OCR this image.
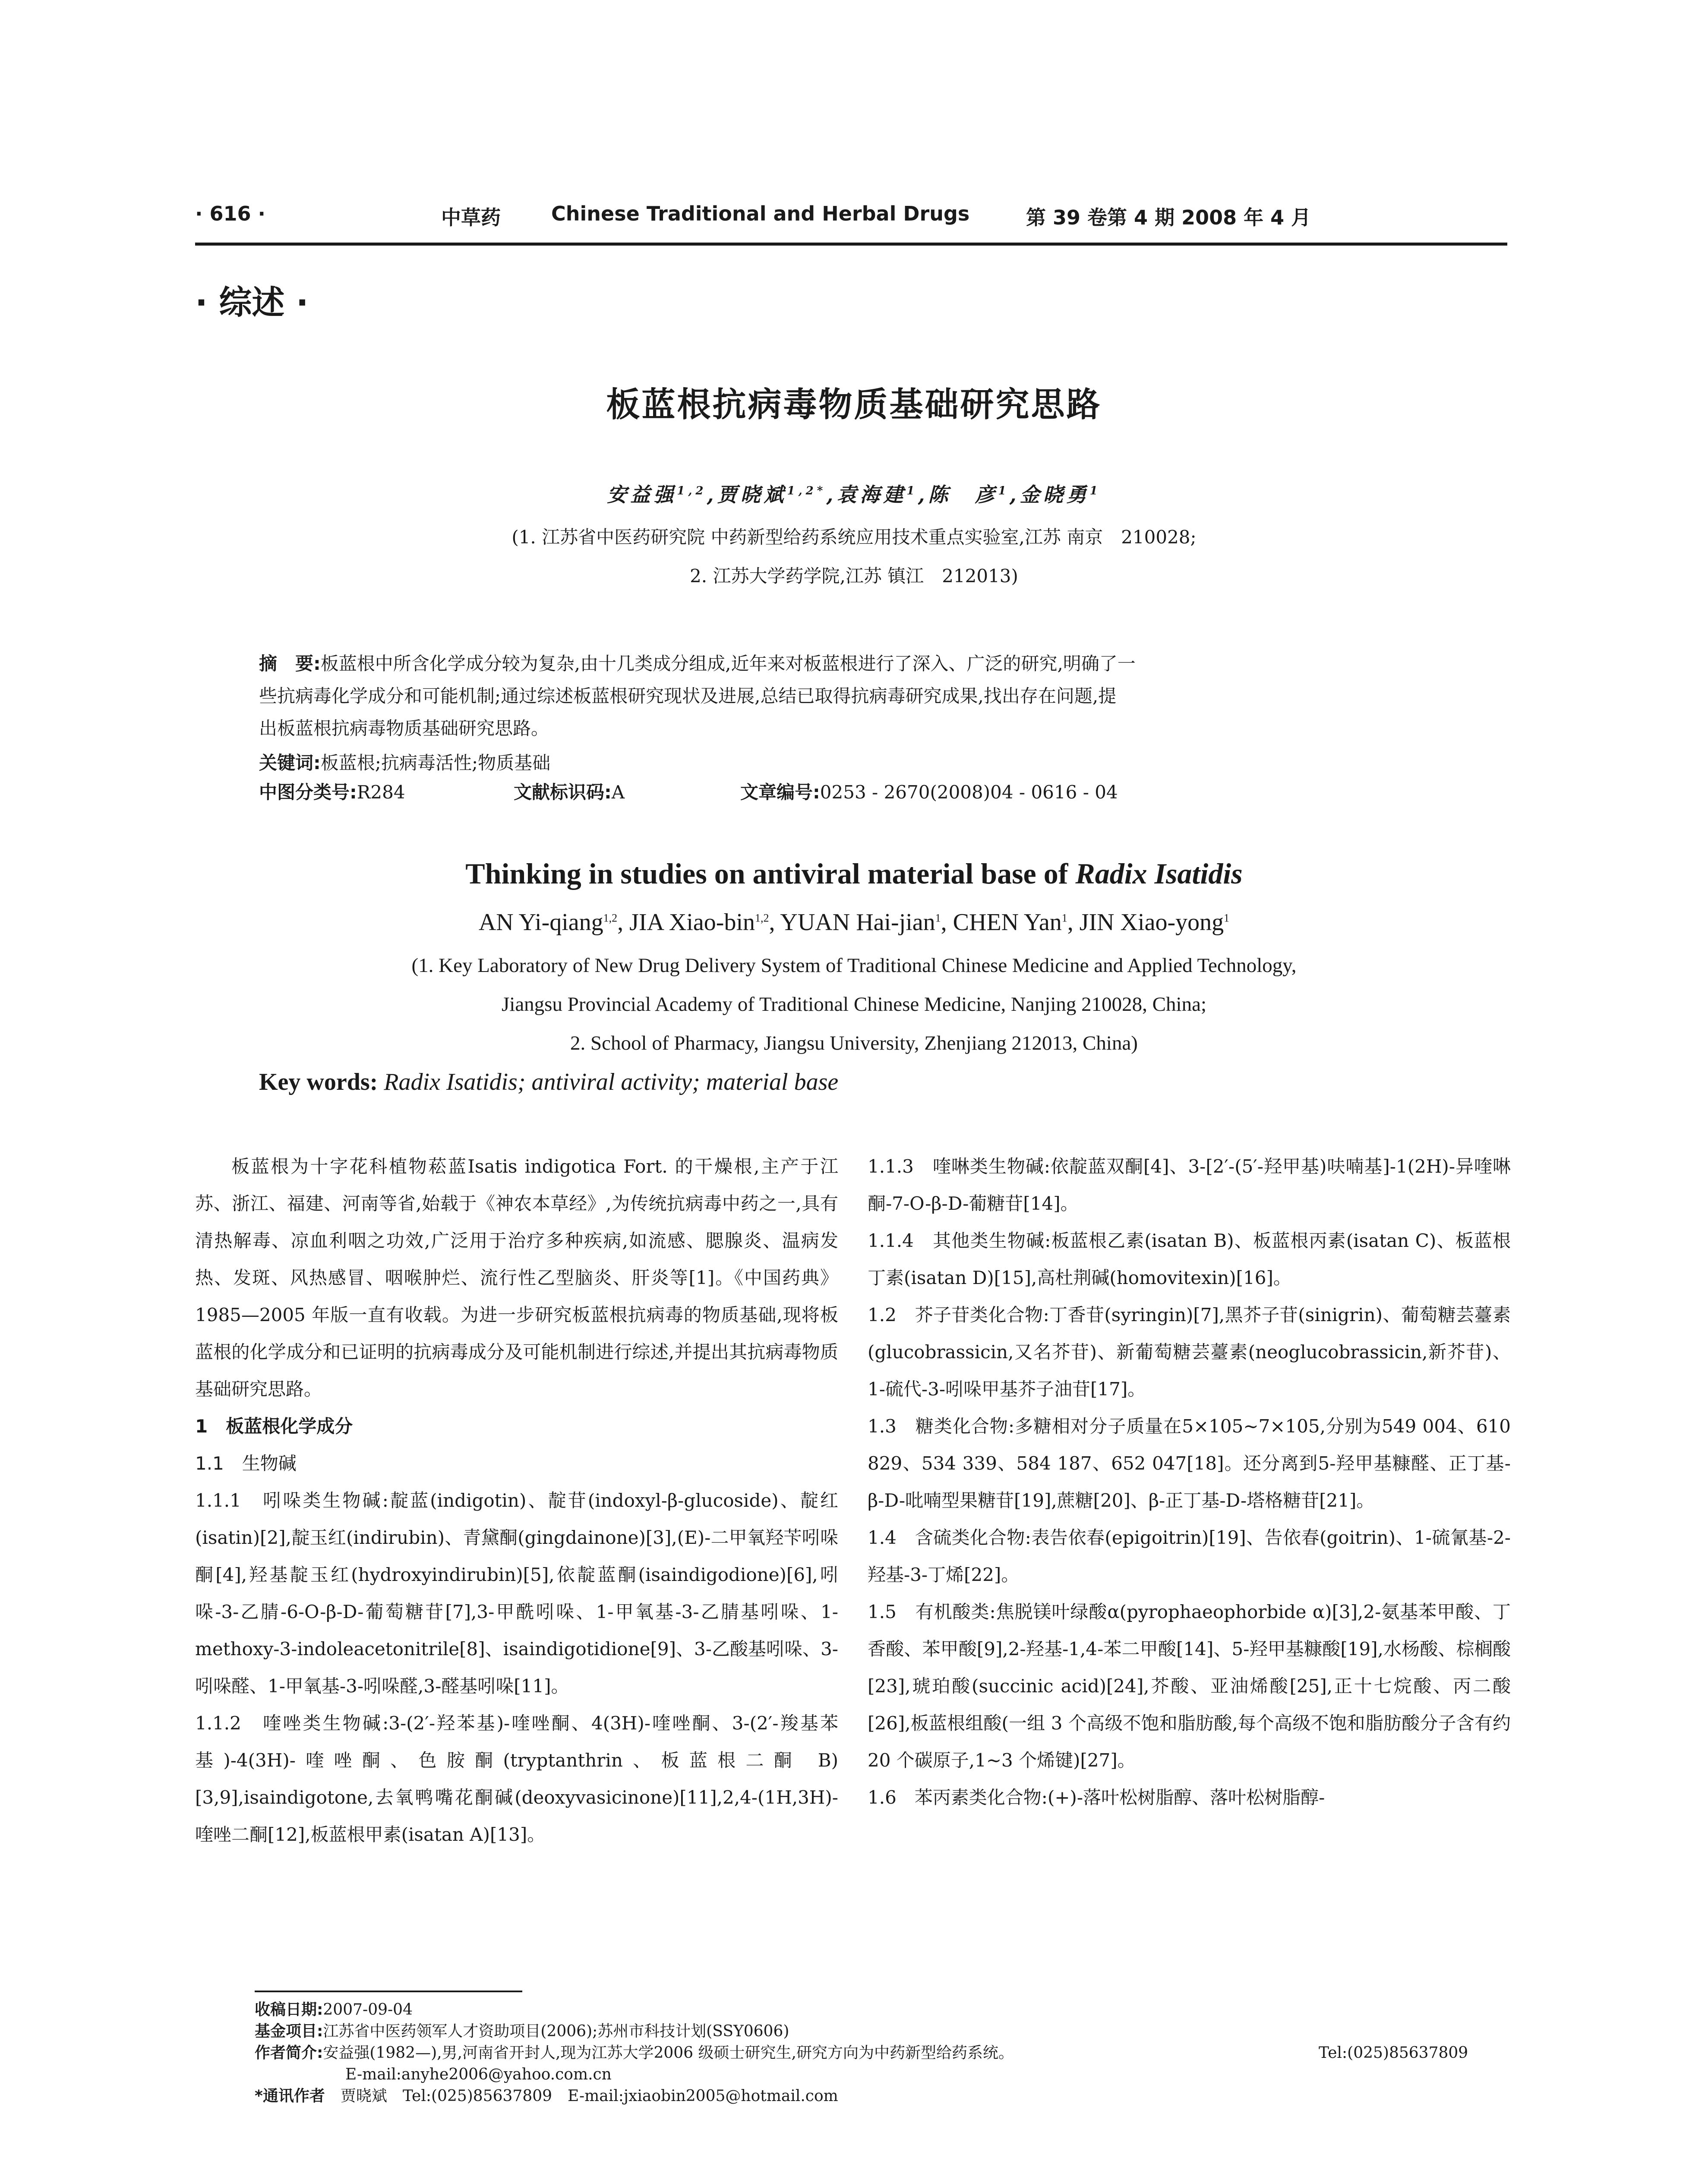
· 616 ·	中草药	Chinese Traditional and Herbal Drugs	第 39 卷第 4 期 2008 年 4 月
· 综述 ·
板蓝根抗病毒物质基础研究思路
安益强$^{1,2}$,贾晓斌$^{1,2*}$,袁海建$^1$,陈　彦$^1$,金晓勇$^1$
(1. 江苏省中医药研究院 中药新型给药系统应用技术重点实验室,江苏 南京　210028;
2. 江苏大学药学院,江苏 镇江　212013)

摘　要:板蓝根中所含化学成分较为复杂,由十几类成分组成,近年来对板蓝根进行了深入、广泛的研究,明确了一

些抗病毒化学成分和可能机制;通过综述板蓝根研究现状及进展,总结已取得抗病毒研究成果,找出存在问题,提

出板蓝根抗病毒物质基础研究思路。

关键词:板蓝根;抗病毒活性;物质基础

中图分类号:R284	文献标识码:A	文章编号:0253 - 2670(2008)04 - 0616 - 04
Thinking in studies on antiviral material base of Radix Isatidis
AN Yi-qiang$^{1,2}$, JIA Xiao-bin$^{1,2}$, YUAN Hai-jian$^1$, CHEN Yan$^1$, JIN Xiao-yong$^1$
(1. Key Laboratory of New Drug Delivery System of Traditional Chinese Medicine and Applied Technology,
Jiangsu Provincial Academy of Traditional Chinese Medicine, Nanjing 210028, China;
2. School of Pharmacy, Jiangsu University, Zhenjiang 212013, China)
Key words: Radix Isatidis; antiviral activity; material base

板蓝根为十字花科植物菘蓝Isatis indigotica Fort. 的干燥根,主产于江苏、浙江、福建、河南等省,始载于《神农本草经》,为传统抗病毒中药之一,具有清热解毒、凉血利咽之功效,广泛用于治疗多种疾病,如流感、腮腺炎、温病发热、发斑、风热感冒、咽喉肿烂、流行性乙型脑炎、肝炎等[1]。《中国药典》1985—2005 年版一直有收载。为进一步研究板蓝根抗病毒的物质基础,现将板蓝根的化学成分和已证明的抗病毒成分及可能机制进行综述,并提出其抗病毒物质基础研究思路。

1　板蓝根化学成分

1.1　生物碱

1.1.1　吲哚类生物碱:靛蓝(indigotin)、靛苷(indoxyl-β-glucoside)、靛红(isatin)[2],靛玉红(indirubin)、青黛酮(gingdainone)[3],(E)-二甲氧羟苄吲哚酮[4],羟基靛玉红(hydroxyindirubin)[5],依靛蓝酮(isaindigodione)[6],吲哚-3-乙腈-6-O-β-D-葡萄糖苷[7],3-甲酰吲哚、1-甲氧基-3-乙腈基吲哚、1-methoxy-3-indoleacetonitrile[8]、isaindigotidione[9]、3-乙酸基吲哚、3-吲哚醛、1-甲氧基-3-吲哚醛,3-醛基吲哚[11]。

1.1.2　喹唑类生物碱:3-(2′-羟苯基)-喹唑酮、4(3H)-喹唑酮、3-(2′-羧基苯基)-4(3H)-喹唑酮、色胺酮(tryptanthrin、板蓝根二酮 B)[3,9],isaindigotone,去氧鸭嘴花酮碱(deoxyvasicinone)[11],2,4-(1H,3H)-喹唑二酮[12],板蓝根甲素(isatan A)[13]。

1.1.3　喹啉类生物碱:依靛蓝双酮[4]、3-[2′-(5′-羟甲基)呋喃基]-1(2H)-异喹啉酮-7-O-β-D-葡糖苷[14]。

1.1.4　其他类生物碱:板蓝根乙素(isatan B)、板蓝根丙素(isatan C)、板蓝根丁素(isatan D)[15],高杜荆碱(homovitexin)[16]。

1.2　芥子苷类化合物:丁香苷(syringin)[7],黑芥子苷(sinigrin)、葡萄糖芸薹素(glucobrassicin,又名芥苷)、新葡萄糖芸薹素(neoglucobrassicin,新芥苷)、1-硫代-3-吲哚甲基芥子油苷[17]。

1.3　糖类化合物:多糖相对分子质量在5×105~7×105,分别为549 004、610 829、534 339、584 187、652 047[18]。还分离到5-羟甲基糠醛、正丁基-β-D-吡喃型果糖苷[19],蔗糖[20]、β-正丁基-D-塔格糖苷[21]。

1.4　含硫类化合物:表告依春(epigoitrin)[19]、告依春(goitrin)、1-硫氰基-2-羟基-3-丁烯[22]。

1.5　有机酸类:焦脱镁叶绿酸α(pyrophaeophorbide α)[3],2-氨基苯甲酸、丁香酸、苯甲酸[9],2-羟基-1,4-苯二甲酸[14]、5-羟甲基糠酸[19],水杨酸、棕榈酸[23],琥珀酸(succinic acid)[24],芥酸、亚油烯酸[25],正十七烷酸、丙二酸[26],板蓝根组酸(一组 3 个高级不饱和脂肪酸,每个高级不饱和脂肪酸分子含有约 20 个碳原子,1~3 个烯键)[27]。

1.6　苯丙素类化合物:(+)-落叶松树脂醇、落叶松树脂醇-

收稿日期:2007-09-04

基金项目:江苏省中医药领军人才资助项目(2006);苏州市科技计划(SSY0606)

作者简介:安益强(1982—),男,河南省开封人,现为江苏大学2006 级硕士研究生,研究方向为中药新型给药系统。	Tel:(025)85637809

E-mail:anyhe2006@yahoo.com.cn

*通讯作者　 贾晓斌　Tel:(025)85637809　E-mail:jxiaobin2005@hotmail.com
